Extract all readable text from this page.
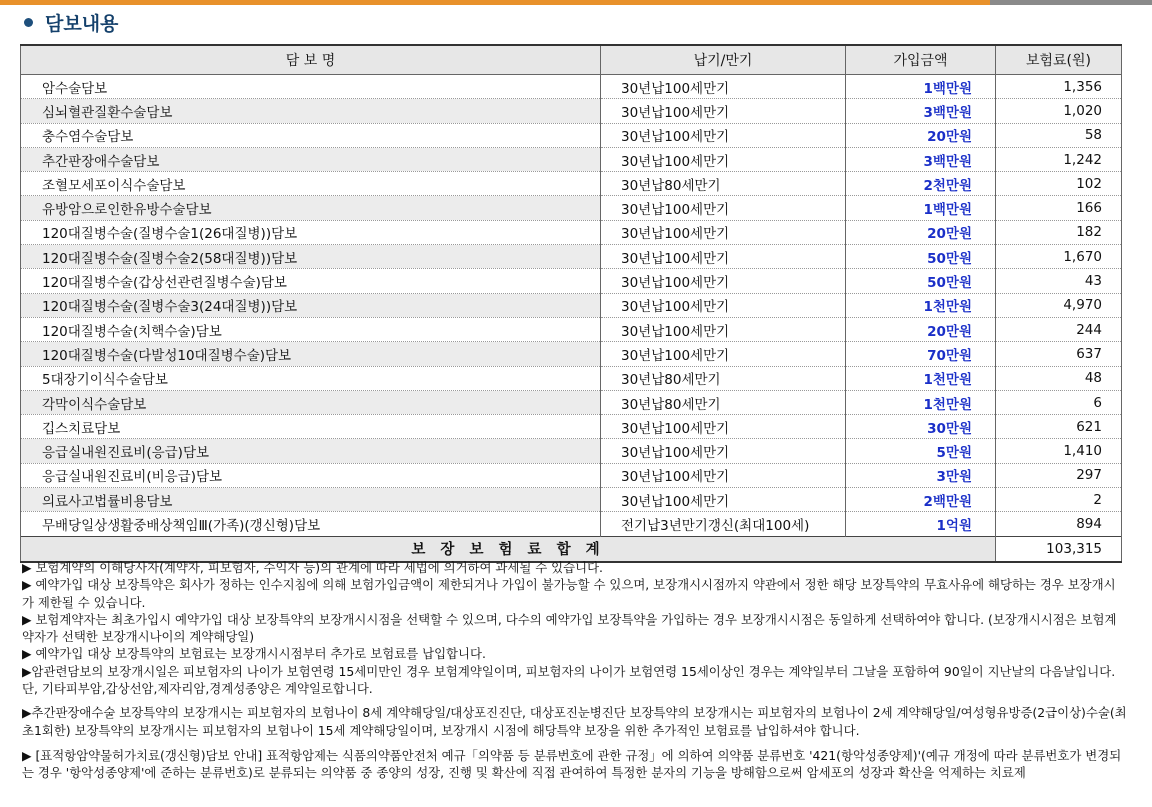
담보내용
담 보 명	납기/만기	가입금액	보험료(원)
암수술담보	30년납100세만기	1백만원	1,356
심뇌혈관질환수술담보	30년납100세만기	3백만원	1,020
충수염수술담보	30년납100세만기	20만원	58
추간판장애수술담보	30년납100세만기	3백만원	1,242
조혈모세포이식수술담보	30년납80세만기	2천만원	102
유방암으로인한유방수술담보	30년납100세만기	1백만원	166
120대질병수술(질병수술1(26대질병))담보	30년납100세만기	20만원	182
120대질병수술(질병수술2(58대질병))담보	30년납100세만기	50만원	1,670
120대질병수술(갑상선관련질병수술)담보	30년납100세만기	50만원	43
120대질병수술(질병수술3(24대질병))담보	30년납100세만기	1천만원	4,970
120대질병수술(치핵수술)담보	30년납100세만기	20만원	244
120대질병수술(다발성10대질병수술)담보	30년납100세만기	70만원	637
5대장기이식수술담보	30년납80세만기	1천만원	48
각막이식수술담보	30년납80세만기	1천만원	6
깁스치료담보	30년납100세만기	30만원	621
응급실내원진료비(응급)담보	30년납100세만기	5만원	1,410
응급실내원진료비(비응급)담보	30년납100세만기	3만원	297
의료사고법률비용담보	30년납100세만기	2백만원	2
무배당일상생활중배상책임Ⅲ(가족)(갱신형)담보	전기납3년만기갱신(최대100세)	1억원	894
보 장 보 험 료 합 계			103,315

▶ 보험계약의 이해당사자(계약자, 피보험자, 수익자 등)의 관계에 따라 세법에 의거하여 과세될 수 있습니다.

▶ 예약가입 대상 보장특약은 회사가 정하는 인수지침에 의해 보험가입금액이 제한되거나 가입이 불가능할 수 있으며, 보장개시시점까지 약관에서 정한 해당 보장특약의 무효사유에 해당하는 경우 보장개시가 제한될 수 있습니다.

▶ 보험계약자는 최초가입시 예약가입 대상 보장특약의 보장개시시점을 선택할 수 있으며, 다수의 예약가입 보장특약을 가입하는 경우 보장개시시점은 동일하게 선택하여야 합니다. (보장개시시점은 보험계약자가 선택한 보장개시나이의 계약해당일)

▶ 예약가입 대상 보장특약의 보험료는 보장개시시점부터 추가로 보험료를 납입합니다.

▶암관련담보의 보장개시일은 피보험자의 나이가 보험연령 15세미만인 경우 보험계약일이며, 피보험자의 나이가 보험연령 15세이상인 경우는 계약일부터 그날을 포함하여 90일이 지난날의 다음날입니다. 단, 기타피부암,갑상선암,제자리암,경계성종양은 계약일로합니다.

▶추간판장애수술 보장특약의 보장개시는 피보험자의 보험나이 8세 계약해당일/대상포진진단, 대상포진눈병진단 보장특약의 보장개시는 피보험자의 보험나이 2세 계약해당일/여성형유방증(2급이상)수술(최초1회한) 보장특약의 보장개시는 피보험자의 보험나이 15세 계약해당일이며, 보장개시 시점에 해당특약 보장을 위한 추가적인 보험료를 납입하셔야 합니다.

▶ [표적항암약물허가치료(갱신형)담보 안내] 표적항암제는 식품의약품안전처 예규「의약품 등 분류번호에 관한 규정」에 의하여 의약품 분류번호 '421(항악성종양제)'(예규 개정에 따라 분류번호가 변경되는 경우 '항악성종양제'에 준하는 분류번호)로 분류되는 의약품 중 종양의 성장, 진행 및 확산에 직접 관여하여 특정한 분자의 기능을 방해함으로써 암세포의 성장과 확산을 억제하는 치료제
